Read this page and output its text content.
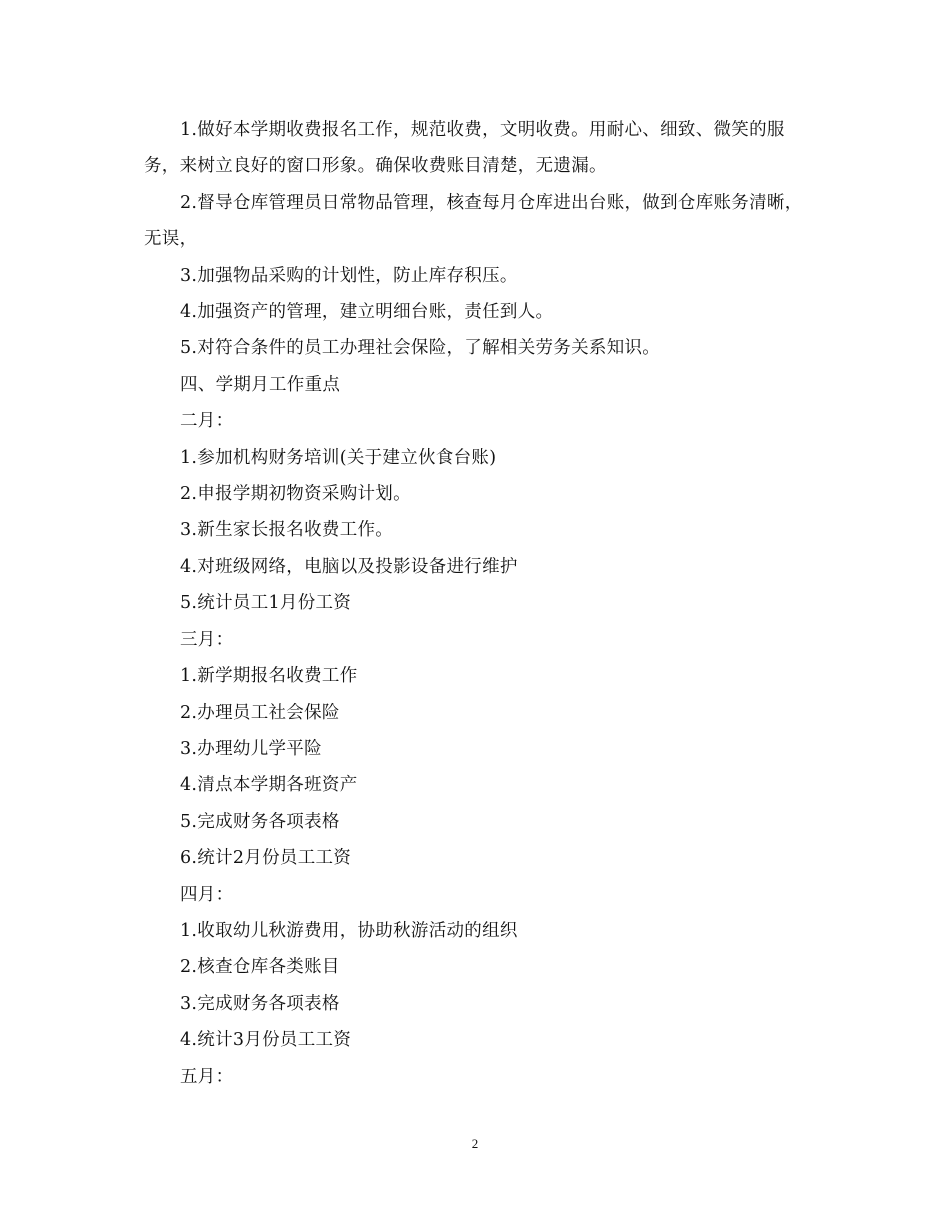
1.做好本学期收费报名工作，规范收费，文明收费。用耐心、细致、微笑的服务，来树立良好的窗口形象。确保收费账目清楚，无遗漏。

2.督导仓库管理员日常物品管理，核查每月仓库进出台账，做到仓库账务清晰，无误，

3.加强物品采购的计划性，防止库存积压。

4.加强资产的管理，建立明细台账，责任到人。

5.对符合条件的员工办理社会保险，了解相关劳务关系知识。

四、学期月工作重点

二月：

1.参加机构财务培训(关于建立伙食台账)

2.申报学期初物资采购计划。

3.新生家长报名收费工作。

4.对班级网络，电脑以及投影设备进行维护

5.统计员工1月份工资

三月：

1.新学期报名收费工作

2.办理员工社会保险

3.办理幼儿学平险

4.清点本学期各班资产

5.完成财务各项表格

6.统计2月份员工工资

四月：

1.收取幼儿秋游费用，协助秋游活动的组织

2.核查仓库各类账目

3.完成财务各项表格

4.统计3月份员工工资

五月：

2
